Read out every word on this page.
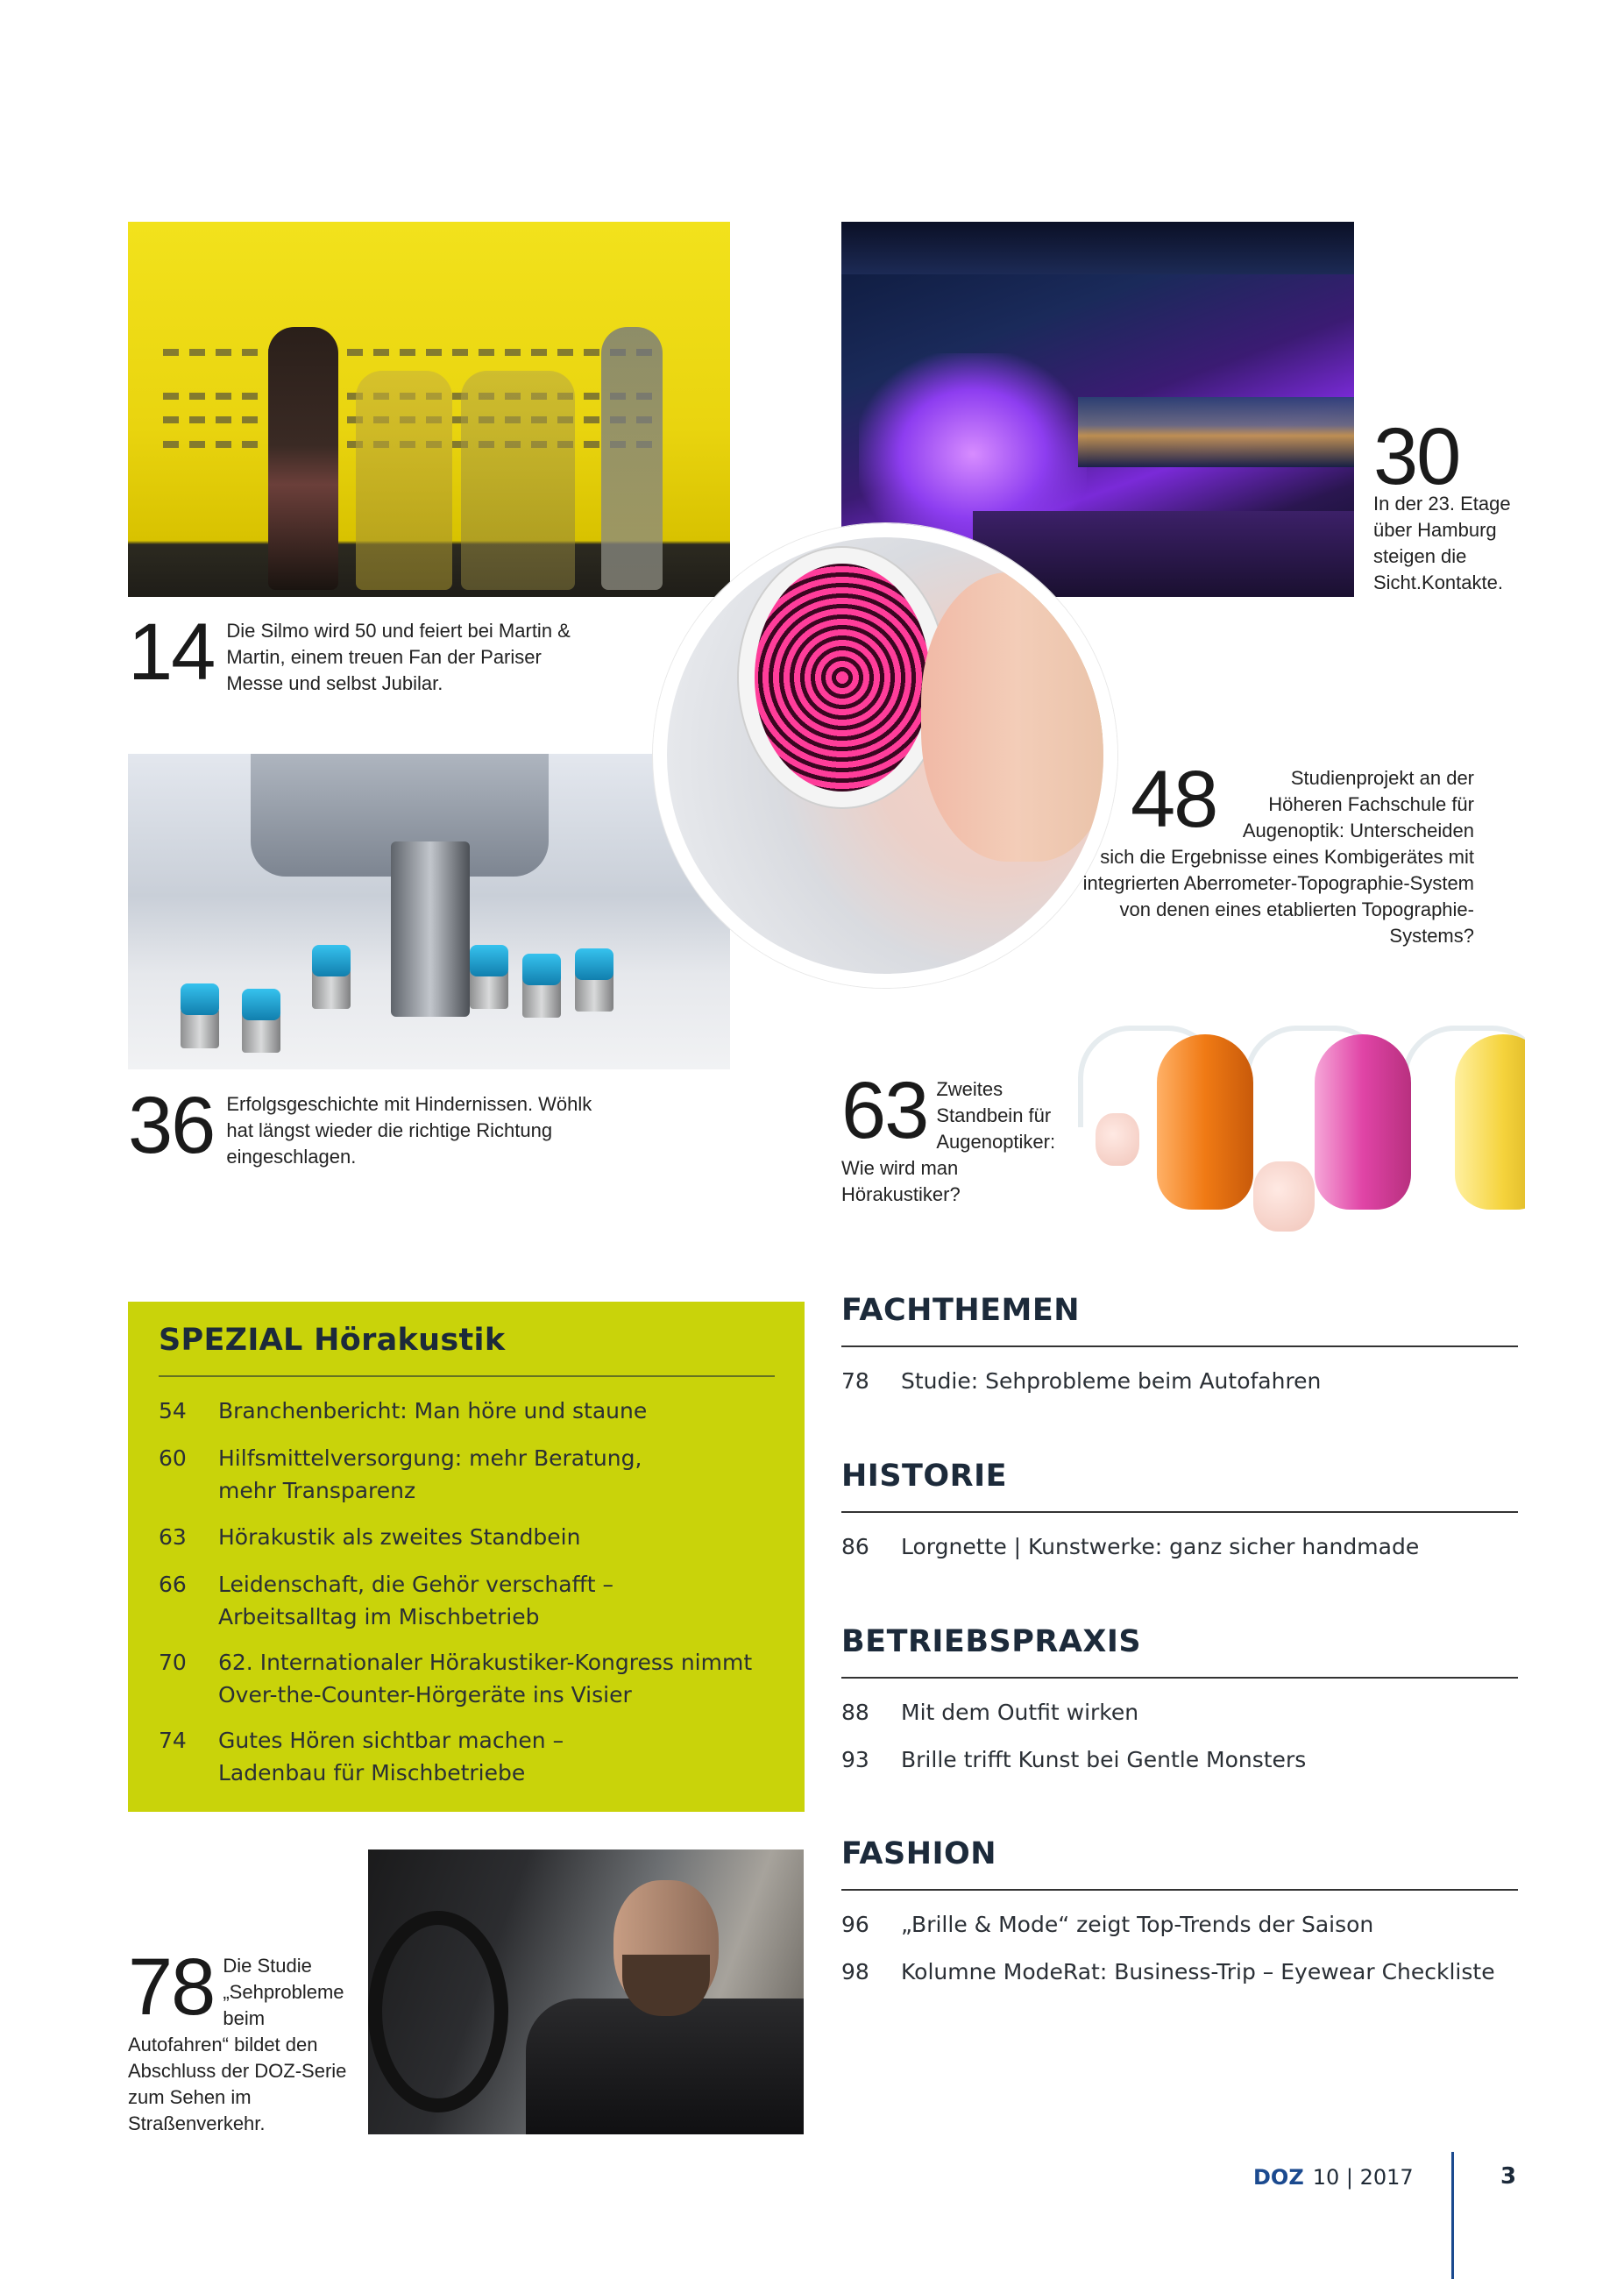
14 Die Silmo wird 50 und feiert bei Martin & Martin, einem treuen Fan der Pariser Messe und selbst Jubilar.
30
In der 23. Etage über Hamburg steigen die Sicht.Kontakte.
48	Studienprojekt an der Höheren Fachschule für Augenoptik: Unterscheiden sich die Ergebnisse eines Kombigerätes mit integrierten Aberrometer-Topographie-System von denen eines etablierten Topographie-Systems?
36 Erfolgsgeschichte mit Hindernissen. Wöhlk hat längst wieder die richtige Richtung eingeschlagen.
63 Zweites Standbein für Augenoptiker: Wie wird man Hörakustiker?
78 Die Studie „Sehprobleme beim Autofahren“ bildet den Abschluss der DOZ-Serie zum Sehen im Straßenverkehr.
SPEZIAL Hörakustik
54	Branchenbericht: Man höre und staune
60	Hilfsmittelversorgung: mehr Beratung,
mehr Transparenz
63	Hörakustik als zweites Standbein
66	Leidenschaft, die Gehör verschafft –
Arbeitsalltag im Mischbetrieb
70	62. Internationaler Hörakustiker-Kongress nimmt
Over-the-Counter-Hörgeräte ins Visier
74	Gutes Hören sichtbar machen –
Ladenbau für Mischbetriebe
FACHTHEMEN
78	Studie: Sehprobleme beim Autofahren
HISTORIE
86	Lorgnette | Kunstwerke: ganz sicher handmade
BETRIEBSPRAXIS
88	Mit dem Outfit wirken
93	Brille trifft Kunst bei Gentle Monsters
FASHION
96	„Brille & Mode“ zeigt Top-Trends der Saison
98	Kolumne ModeRat: Business-Trip – Eyewear Checkliste
DOZ 10 | 2017	3
